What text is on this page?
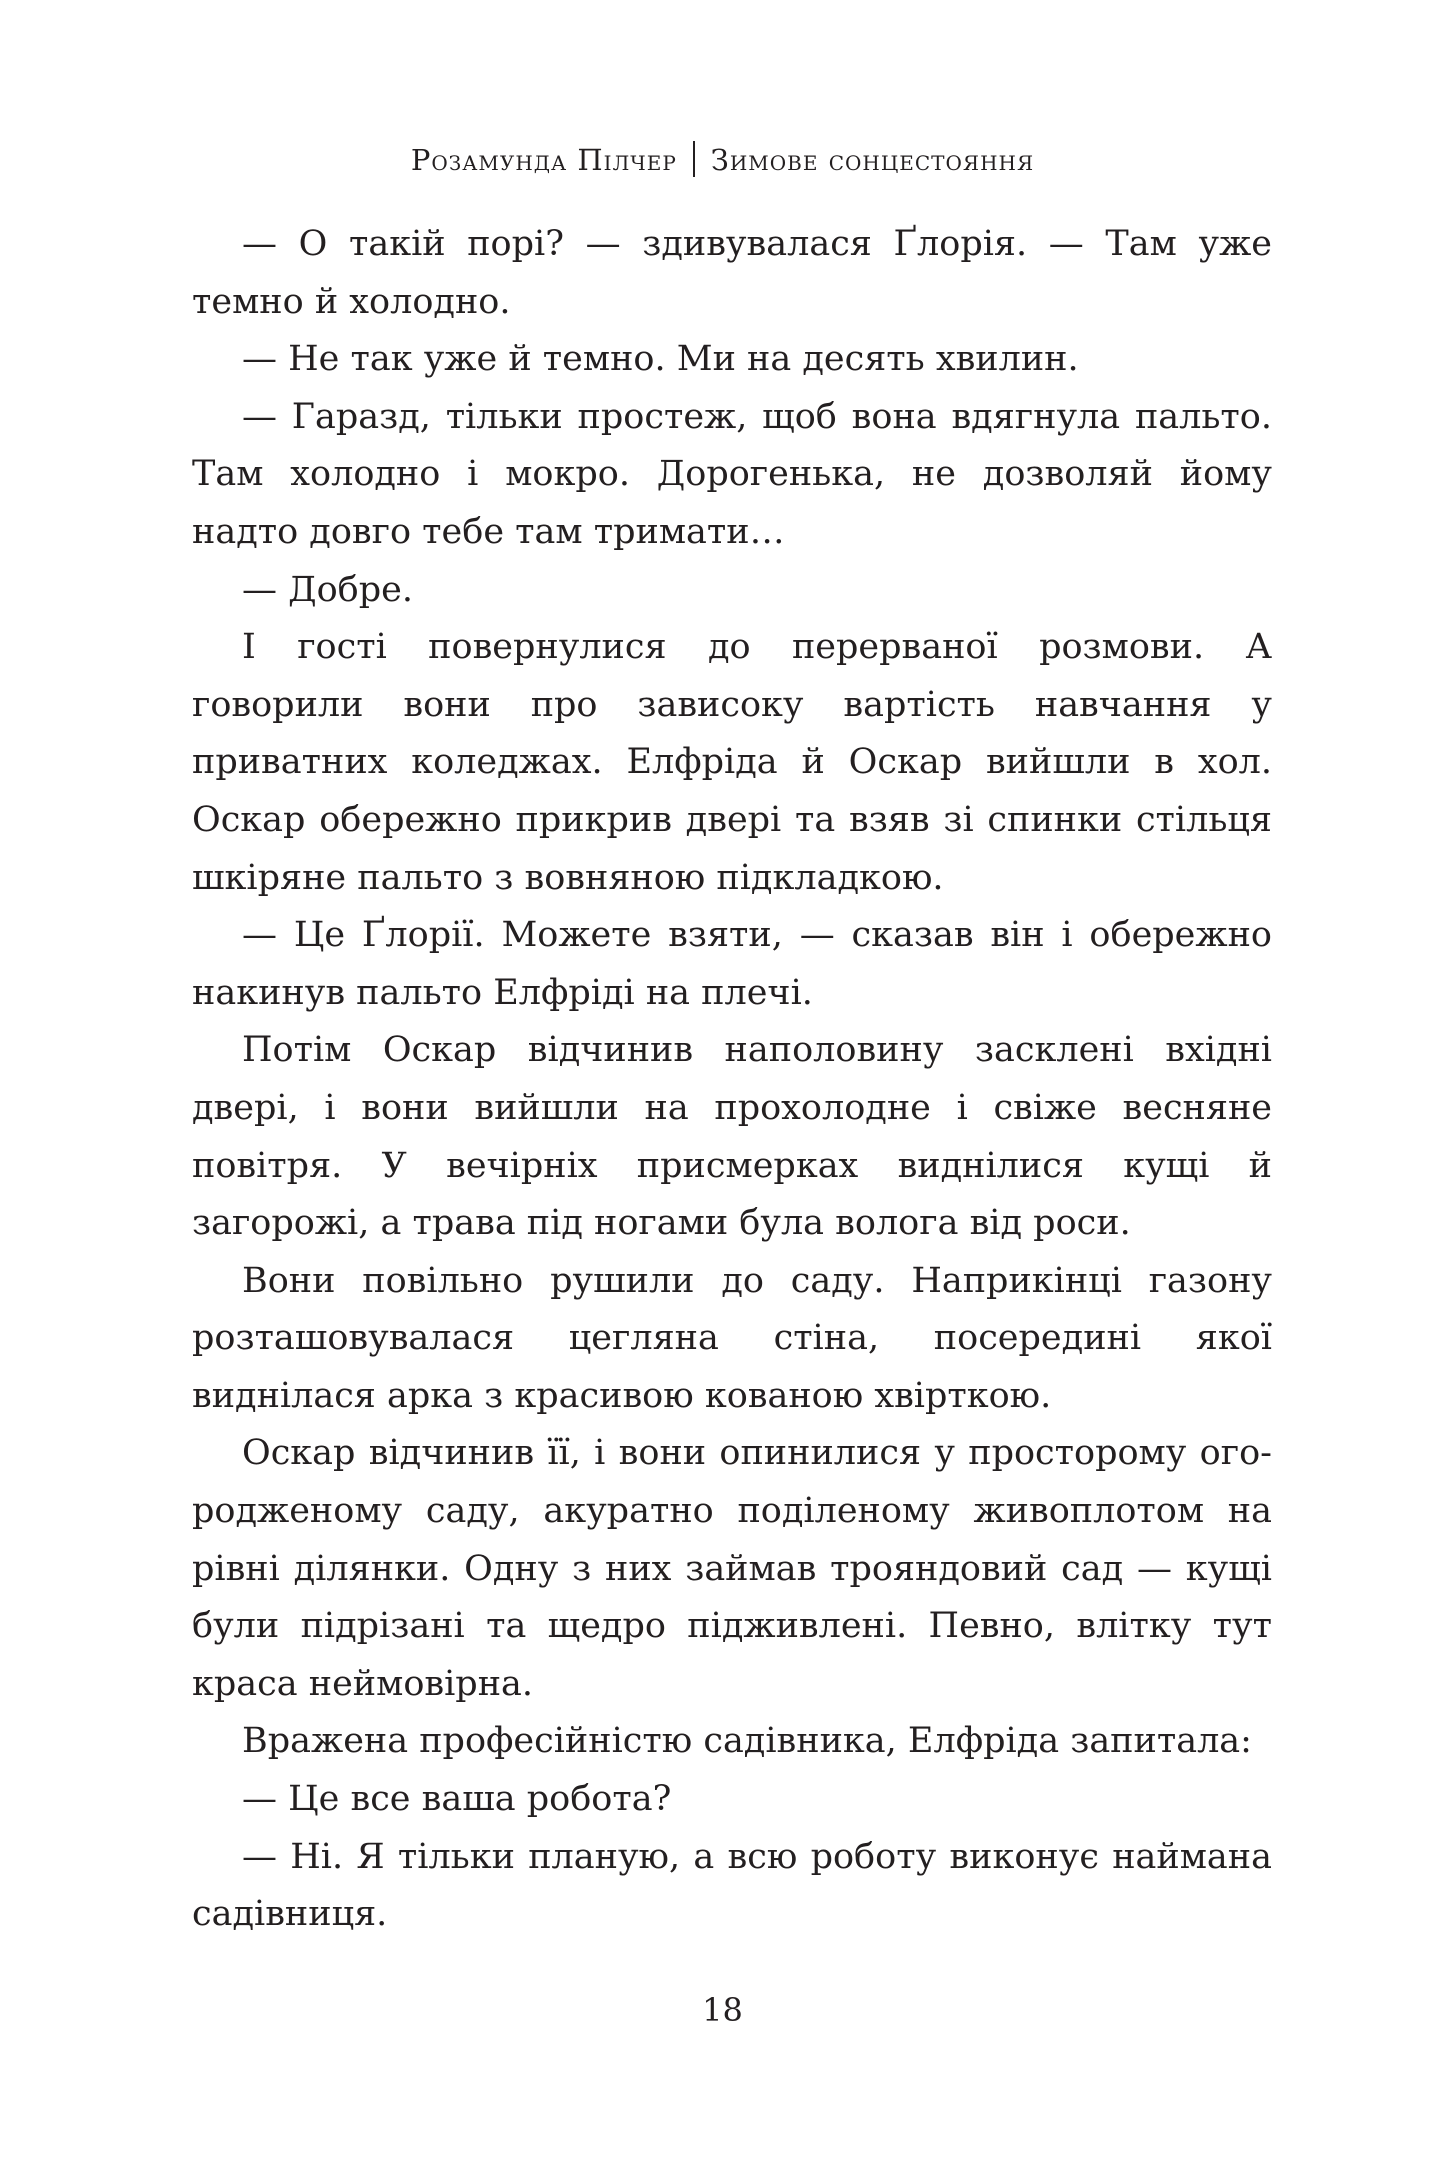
Розамунда Пілчер Зимове сонцестояння

— О такій порі? — здивувалася Ґлорія. — Там уже темно й холодно.

— Не так уже й темно. Ми на десять хвилин.

— Гаразд, тільки простеж, щоб вона вдягнула пальто. Там холодно і мокро. Дорогенька, не дозволяй йому надто довго тебе там тримати…

— Добре.

І гості повернулися до перерваної розмови. А говорили вони про зависоку вартість навчання у приватних коледжах. Елфріда й Оскар вийшли в хол. Оскар обережно прикрив двері та взяв зі спинки стільця шкіряне пальто з вовняною підкладкою.

— Це Ґлорії. Можете взяти, — сказав він і обережно накинув пальто Елфріді на плечі.

Потім Оскар відчинив наполовину засклені вхідні двері, і вони вийшли на прохолодне і свіже весняне повітря. У вечірніх присмерках виднілися кущі й загорожі, а трава під ногами була волога від роси.

Вони повільно рушили до саду. Наприкінці газону розташовувалася цегляна стіна, посередині якої виднілася арка з красивою кованою хвірткою.

Оскар відчинив її, і вони опинилися у просторому огородженому саду, акуратно поділеному живоплотом на рівні ділянки. Одну з них займав трояндовий сад — кущі були підрізані та щедро підживлені. Певно, влітку тут краса неймовірна.

Вражена професійністю садівника, Елфріда запитала:

— Це все ваша робота?

— Ні. Я тільки планую, а всю роботу виконує наймана садівниця.

18
